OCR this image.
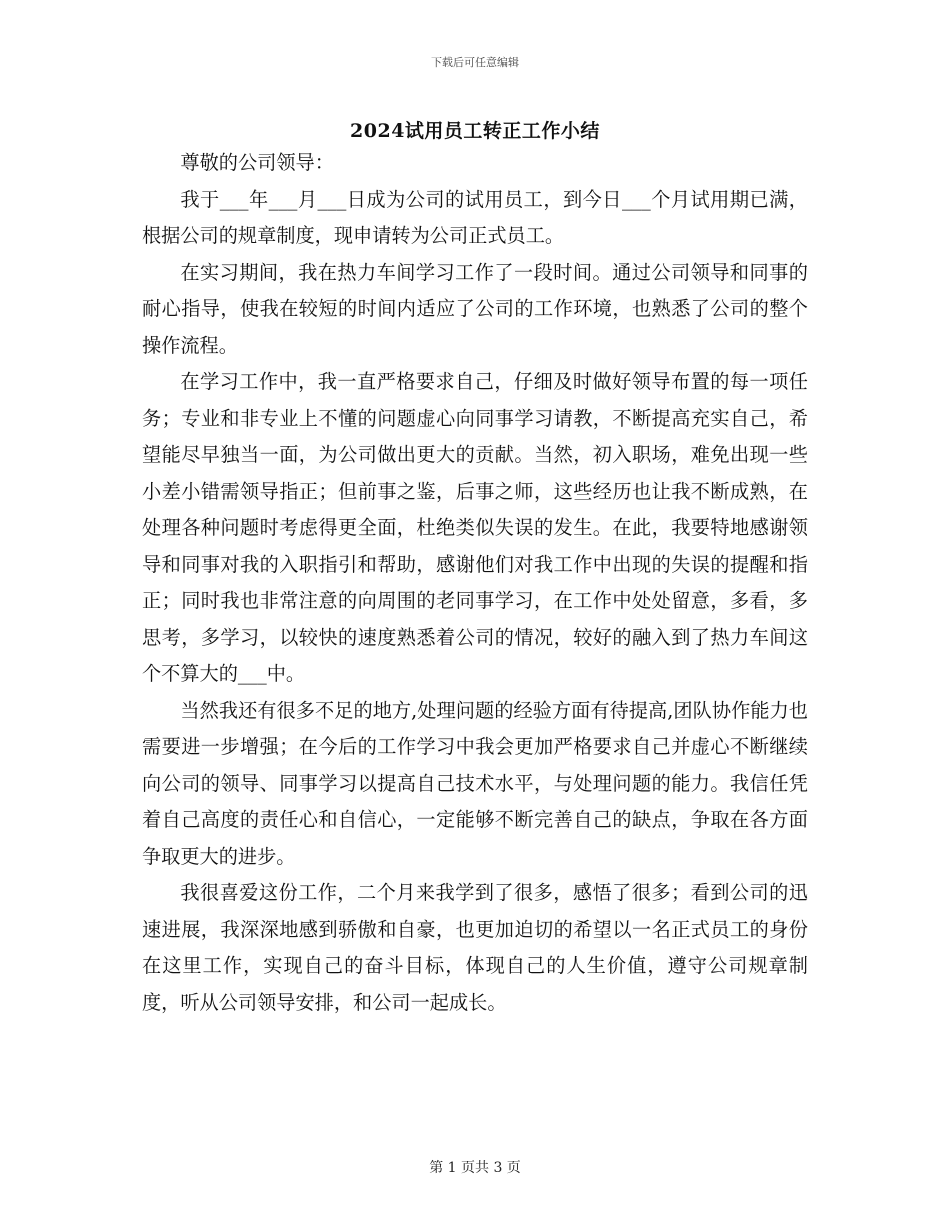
下载后可任意编辑
2024试用员工转正工作小结

尊敬的公司领导：

我于___年___月___日成为公司的试用员工，到今日___个月试用期已满，根据公司的规章制度，现申请转为公司正式员工。

在实习期间，我在热力车间学习工作了一段时间。通过公司领导和同事的耐心指导，使我在较短的时间内适应了公司的工作环境，也熟悉了公司的整个操作流程。

在学习工作中，我一直严格要求自己，仔细及时做好领导布置的每一项任务；专业和非专业上不懂的问题虚心向同事学习请教，不断提高充实自己，希望能尽早独当一面，为公司做出更大的贡献。当然，初入职场，难免出现一些小差小错需领导指正；但前事之鉴，后事之师，这些经历也让我不断成熟，在处理各种问题时考虑得更全面，杜绝类似失误的发生。在此，我要特地感谢领导和同事对我的入职指引和帮助，感谢他们对我工作中出现的失误的提醒和指正；同时我也非常注意的向周围的老同事学习，在工作中处处留意，多看，多思考，多学习，以较快的速度熟悉着公司的情况，较好的融入到了热力车间这个不算大的___中。

当然我还有很多不足的地方,处理问题的经验方面有待提高,团队协作能力也需要进一步增强；在今后的工作学习中我会更加严格要求自己并虚心不断继续向公司的领导、同事学习以提高自己技术水平，与处理问题的能力。我信任凭着自己高度的责任心和自信心，一定能够不断完善自己的缺点，争取在各方面争取更大的进步。

我很喜爱这份工作，二个月来我学到了很多，感悟了很多；看到公司的迅速进展，我深深地感到骄傲和自豪，也更加迫切的希望以一名正式员工的身份在这里工作，实现自己的奋斗目标，体现自己的人生价值，遵守公司规章制度，听从公司领导安排，和公司一起成长。

第 1 页共 3 页
